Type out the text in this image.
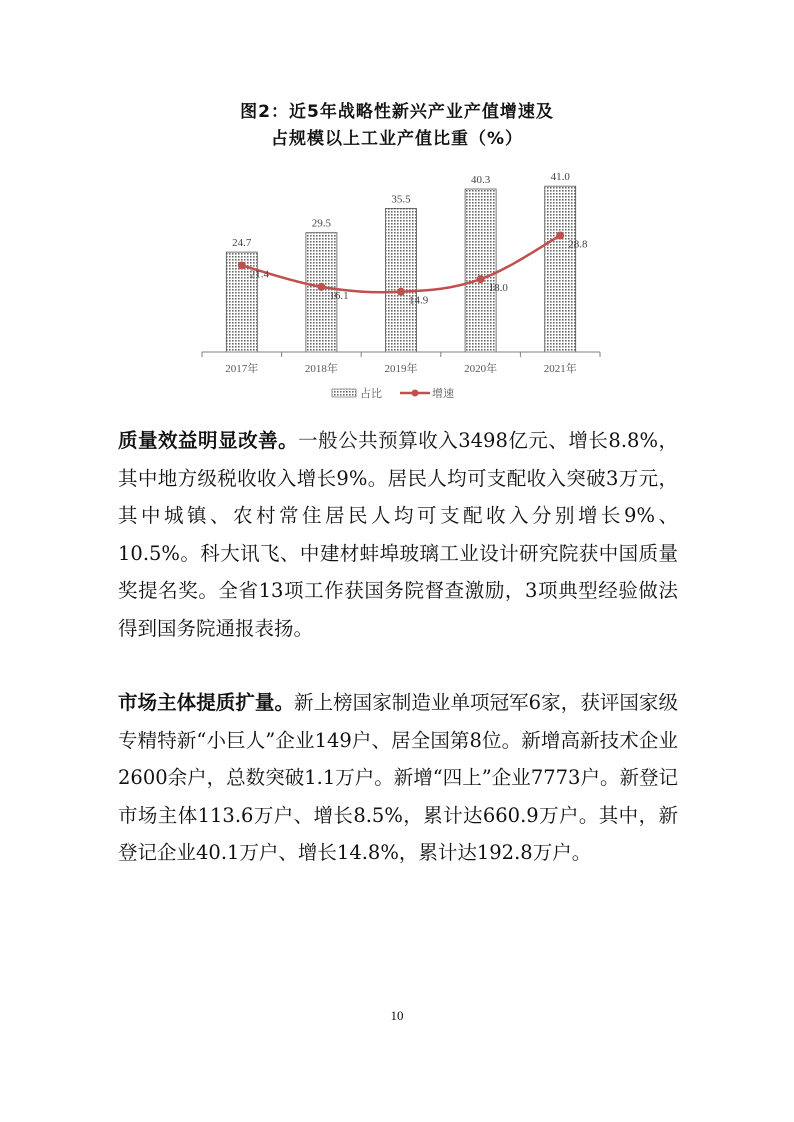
图2：近5年战略性新兴产业产值增速及
占规模以上工业产值比重（%）
24.7
29.5
35.5
40.3	41.0
2017年	2018年	2019年	2020年	2021年
21.4
16.1	14.9
18.0
28.8
占比	增速

质量效益明显改善。一般公共预算收入3498亿元、增长8.8%，其中地方级税收收入增长9%。居民人均可支配收入突破3万元，其中城镇、农村常住居民人均可支配收入分别增长9%、10.5%。科大讯飞、中建材蚌埠玻璃工业设计研究院获中国质量奖提名奖。全省13项工作获国务院督查激励，3项典型经验做法得到国务院通报表扬。

市场主体提质扩量。新上榜国家制造业单项冠军6家，获评国家级专精特新“小巨人”企业149户、居全国第8位。新增高新技术企业2600余户，总数突破1.1万户。新增“四上”企业7773户。新登记市场主体113.6万户、增长8.5%，累计达660.9万户。其中，新登记企业40.1万户、增长14.8%，累计达192.8万户。

10
